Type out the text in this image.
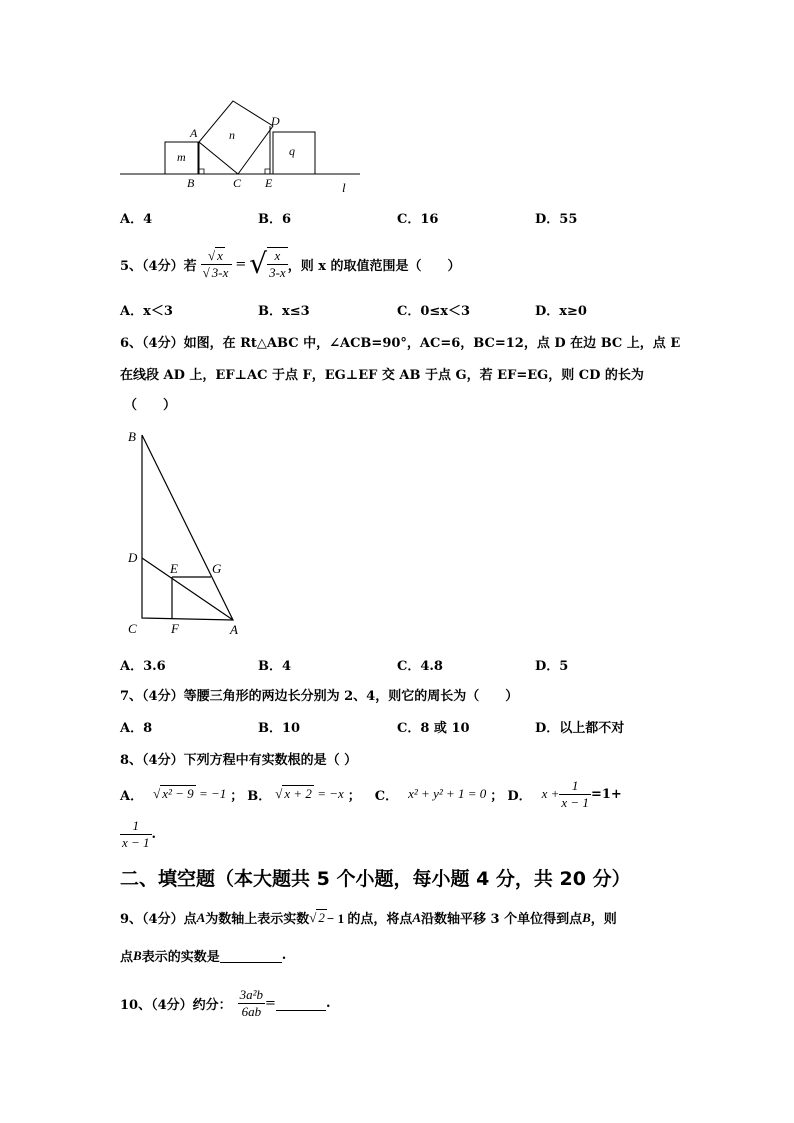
A	n
D
m	q
B	C E	l
A．4	B．6	C．16	D．55
5、（4分）若 $\frac{√ x}{√ 3-x}$ = √ $\frac{x}{3-x}$ ，则 x 的取值范围是（　　）
A．x＜3	B．x≤3	C．0≤x＜3	D．x≥0
6、（4分）如图，在 Rt△ABC 中，∠ACB=90°，AC=6，BC=12，点 D 在边 BC 上，点 E
在线段 AD 上，EF⊥AC 于点 F，EG⊥EF 交 AB 于点 G，若 EF=EG，则 CD 的长为
（　　）
B
D
E	G
C	F	A
A．3.6	B．4	C．4.8	D．5
7、（4分）等腰三角形的两边长分别为 2、4，则它的周长为（　　）
A．8	B．10	C．8 或 10	D．以上都不对
8、（4分）下列方程中有实数根的是（ ）
A． √ x² − 9 = −1 ； B． √ x + 2 = −x ； C． x² + y² + 1 = 0 ； D． $x + \frac{1}{x - 1} =1+$
$\frac{1}{x - 1}$ .
二、填空题（本大题共 5 个小题，每小题 4 分，共 20 分）
9、（4分）点 A 为数轴上表示实数 √ 2 − 1 的点，将点 A 沿数轴平移 3 个单位得到点 B ，则
点 B 表示的实数是	.
10、（4分）约分： $\frac{\text{3a²b}}{6ab}$ =	.
